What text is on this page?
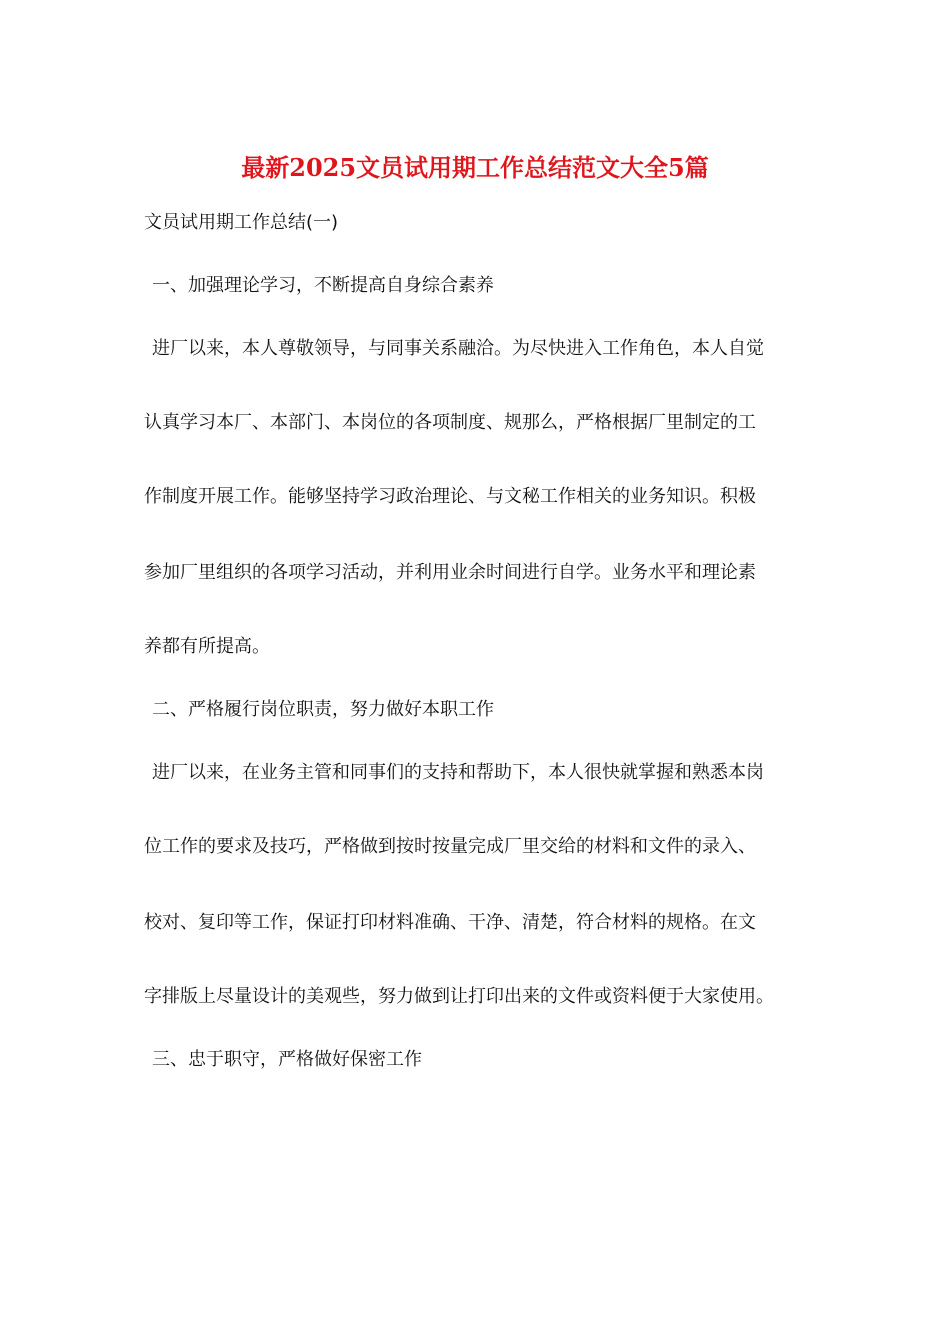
最新2025文员试用期工作总结范文大全5篇
文员试用期工作总结(一)
一、加强理论学习，不断提高自身综合素养
进厂以来，本人尊敬领导，与同事关系融洽。为尽快进入工作角色，本人自觉
认真学习本厂、本部门、本岗位的各项制度、规那么，严格根据厂里制定的工
作制度开展工作。能够坚持学习政治理论、与文秘工作相关的业务知识。积极
参加厂里组织的各项学习活动，并利用业余时间进行自学。业务水平和理论素
养都有所提高。
二、严格履行岗位职责，努力做好本职工作
进厂以来，在业务主管和同事们的支持和帮助下，本人很快就掌握和熟悉本岗
位工作的要求及技巧，严格做到按时按量完成厂里交给的材料和文件的录入、
校对、复印等工作，保证打印材料准确、干净、清楚，符合材料的规格。在文
字排版上尽量设计的美观些，努力做到让打印出来的文件或资料便于大家使用。
三、忠于职守，严格做好保密工作
